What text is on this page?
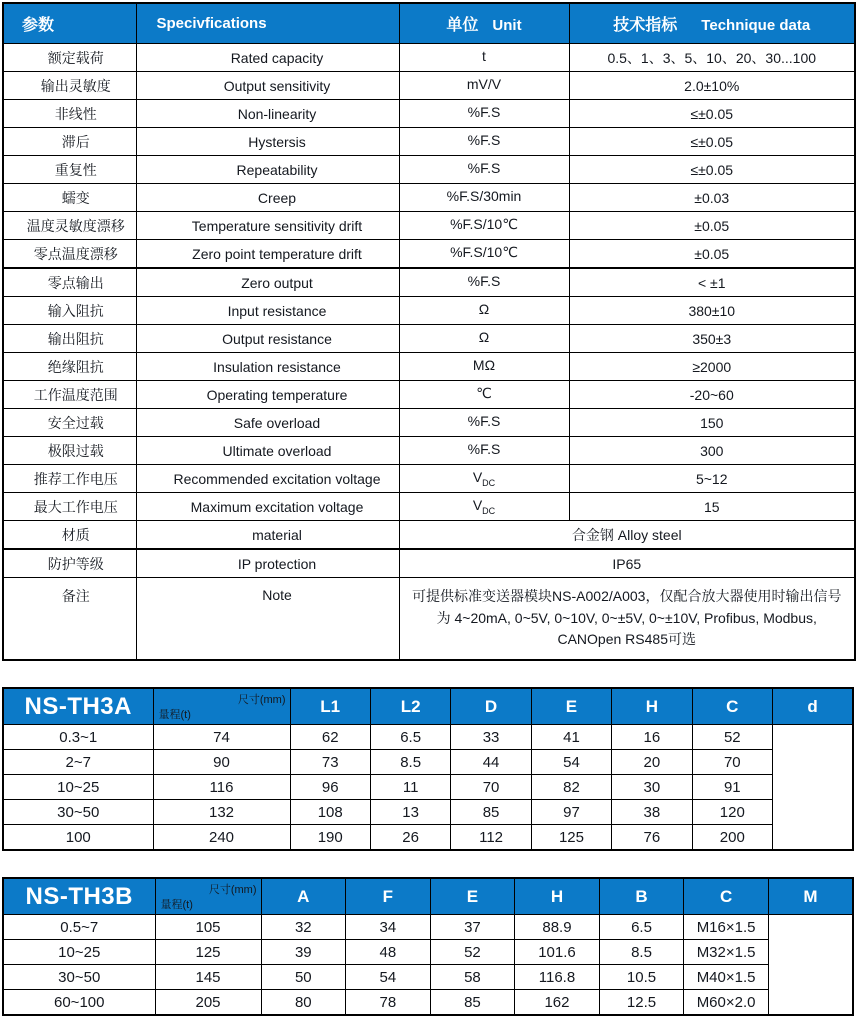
参数	Specivfications	单位 Unit	技术指标 Technique data
额定载荷	Rated capacity	t	0.5、1、3、5、10、20、30...100
输出灵敏度	Output sensitivity	mV/V	2.0±10%
非线性	Non-linearity	%F.S	≤±0.05
滞后	Hystersis	%F.S	≤±0.05
重复性	Repeatability	%F.S	≤±0.05
蠕变	Creep	%F.S/30min	±0.03
温度灵敏度漂移	Temperature sensitivity drift	%F.S/10℃	±0.05
零点温度漂移	Zero point temperature drift	%F.S/10℃	±0.05
零点输出	Zero output	%F.S	< ±1
输入阻抗	Input resistance	Ω	380±10
输出阻抗	Output resistance	Ω	350±3
绝缘阻抗	Insulation resistance	MΩ	≥2000
工作温度范围	Operating temperature	℃	-20~60
安全过载	Safe overload	%F.S	150
极限过载	Ultimate overload	%F.S	300
推荐工作电压	Recommended excitation voltage	$V_{DC}$	5~12
最大工作电压	Maximum excitation voltage	$V_{DC}$	15
材质	material	合金钢 Alloy steel	
防护等级	IP protection	IP65	
备注	Note	可提供标准变送器模块NS-A002/A003，仅配合放大器使用时输出信号为 4~20mA, 0~5V, 0~10V, 0~±5V, 0~±10V, Profibus, Modbus, CANOpen RS485可选	
NS-TH3A	尺寸(mm)
量程(t)	L1	L2	D	E	H	C	d
0.3~1	74	62	6.5	33	41	16	52	
2~7	90	73	8.5	44	54	20	70	
10~25	116	96	11	70	82	30	91	
30~50	132	108	13	85	97	38	120	
100	240	190	26	112	125	76	200	
NS-TH3B	尺寸(mm)
量程(t)	A	F	E	H	B	C	M
0.5~7	105	32	34	37	88.9	6.5	M16×1.5	
10~25	125	39	48	52	101.6	8.5	M32×1.5	
30~50	145	50	54	58	116.8	10.5	M40×1.5	
60~100	205	80	78	85	162	12.5	M60×2.0	
